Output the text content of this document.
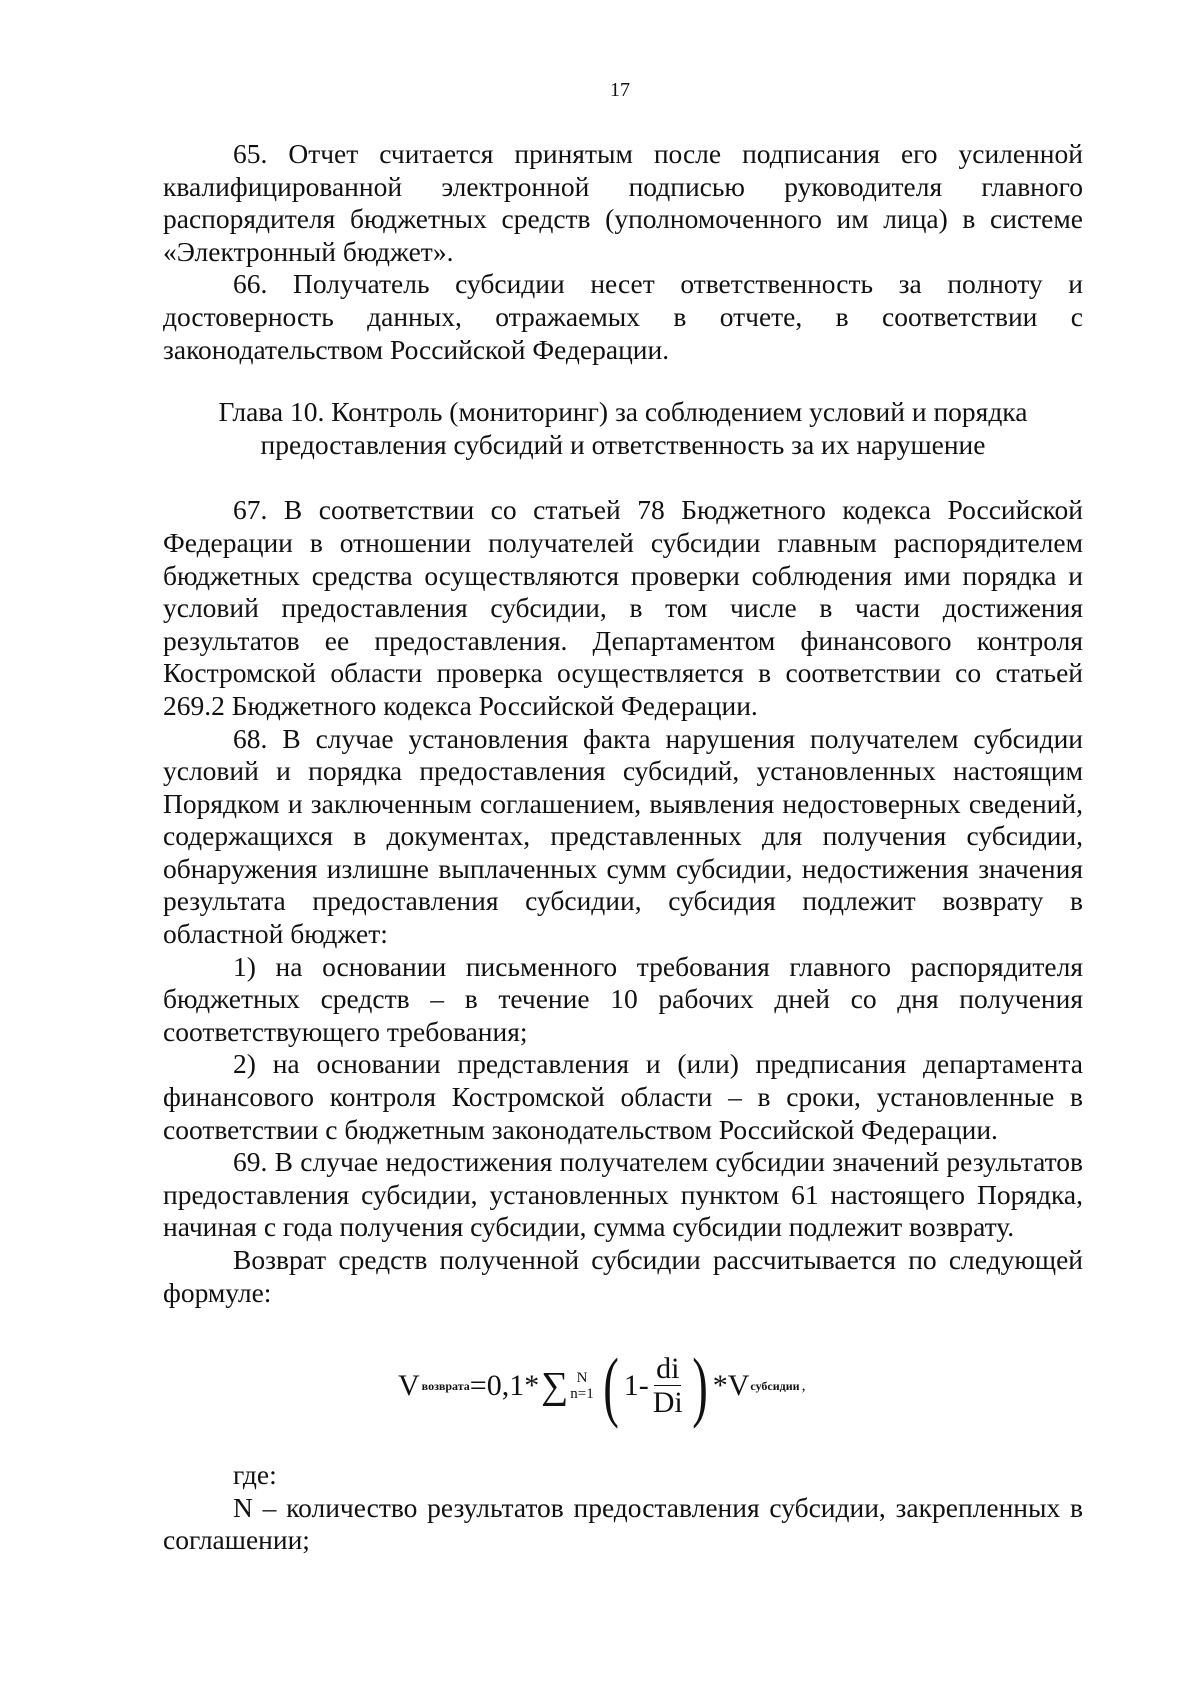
17

65. Отчет считается принятым после подписания его усиленной квалифицированной электронной подписью руководителя главного распорядителя бюджетных средств (уполномоченного им лица) в системе «Электронный бюджет».

66. Получатель субсидии несет ответственность за полноту и достоверность данных, отражаемых в отчете, в соответствии с законодательством Российской Федерации.

Глава 10. Контроль (мониторинг) за соблюдением условий и порядка
предоставления субсидий и ответственность за их нарушение

67. В соответствии со статьей 78 Бюджетного кодекса Российской Федерации в отношении получателей субсидии главным распорядителем бюджетных средства осуществляются проверки соблюдения ими порядка и условий предоставления субсидии, в том числе в части достижения результатов ее предоставления. Департаментом финансового контроля Костромской области проверка осуществляется в соответствии со статьей 269.2 Бюджетного кодекса Российской Федерации.

68. В случае установления факта нарушения получателем субсидии условий и порядка предоставления субсидий, установленных настоящим Порядком и заключенным соглашением, выявления недостоверных сведений, содержащихся в документах, представленных для получения субсидии, обнаружения излишне выплаченных сумм субсидии, недостижения значения результата предоставления субсидии, субсидия подлежит возврату в областной бюджет:

1) на основании письменного требования главного распорядителя бюджетных средств – в течение 10 рабочих дней со дня получения соответствующего требования;

2) на основании представления и (или) предписания департамента финансового контроля Костромской области – в сроки, установленные в соответствии с бюджетным законодательством Российской Федерации.

69. В случае недостижения получателем субсидии значений результатов предоставления субсидии, установленных пунктом 61 настоящего Порядка, начиная с года получения субсидии, сумма субсидии подлежит возврату.

Возврат средств полученной субсидии рассчитывается по следующей формуле:

V возврата =0,1* ∑ N
n=1 ( $1- \frac{di}{Di}$ ) *V субсидии ,

где:

N – количество результатов предоставления субсидии, закрепленных в соглашении;
